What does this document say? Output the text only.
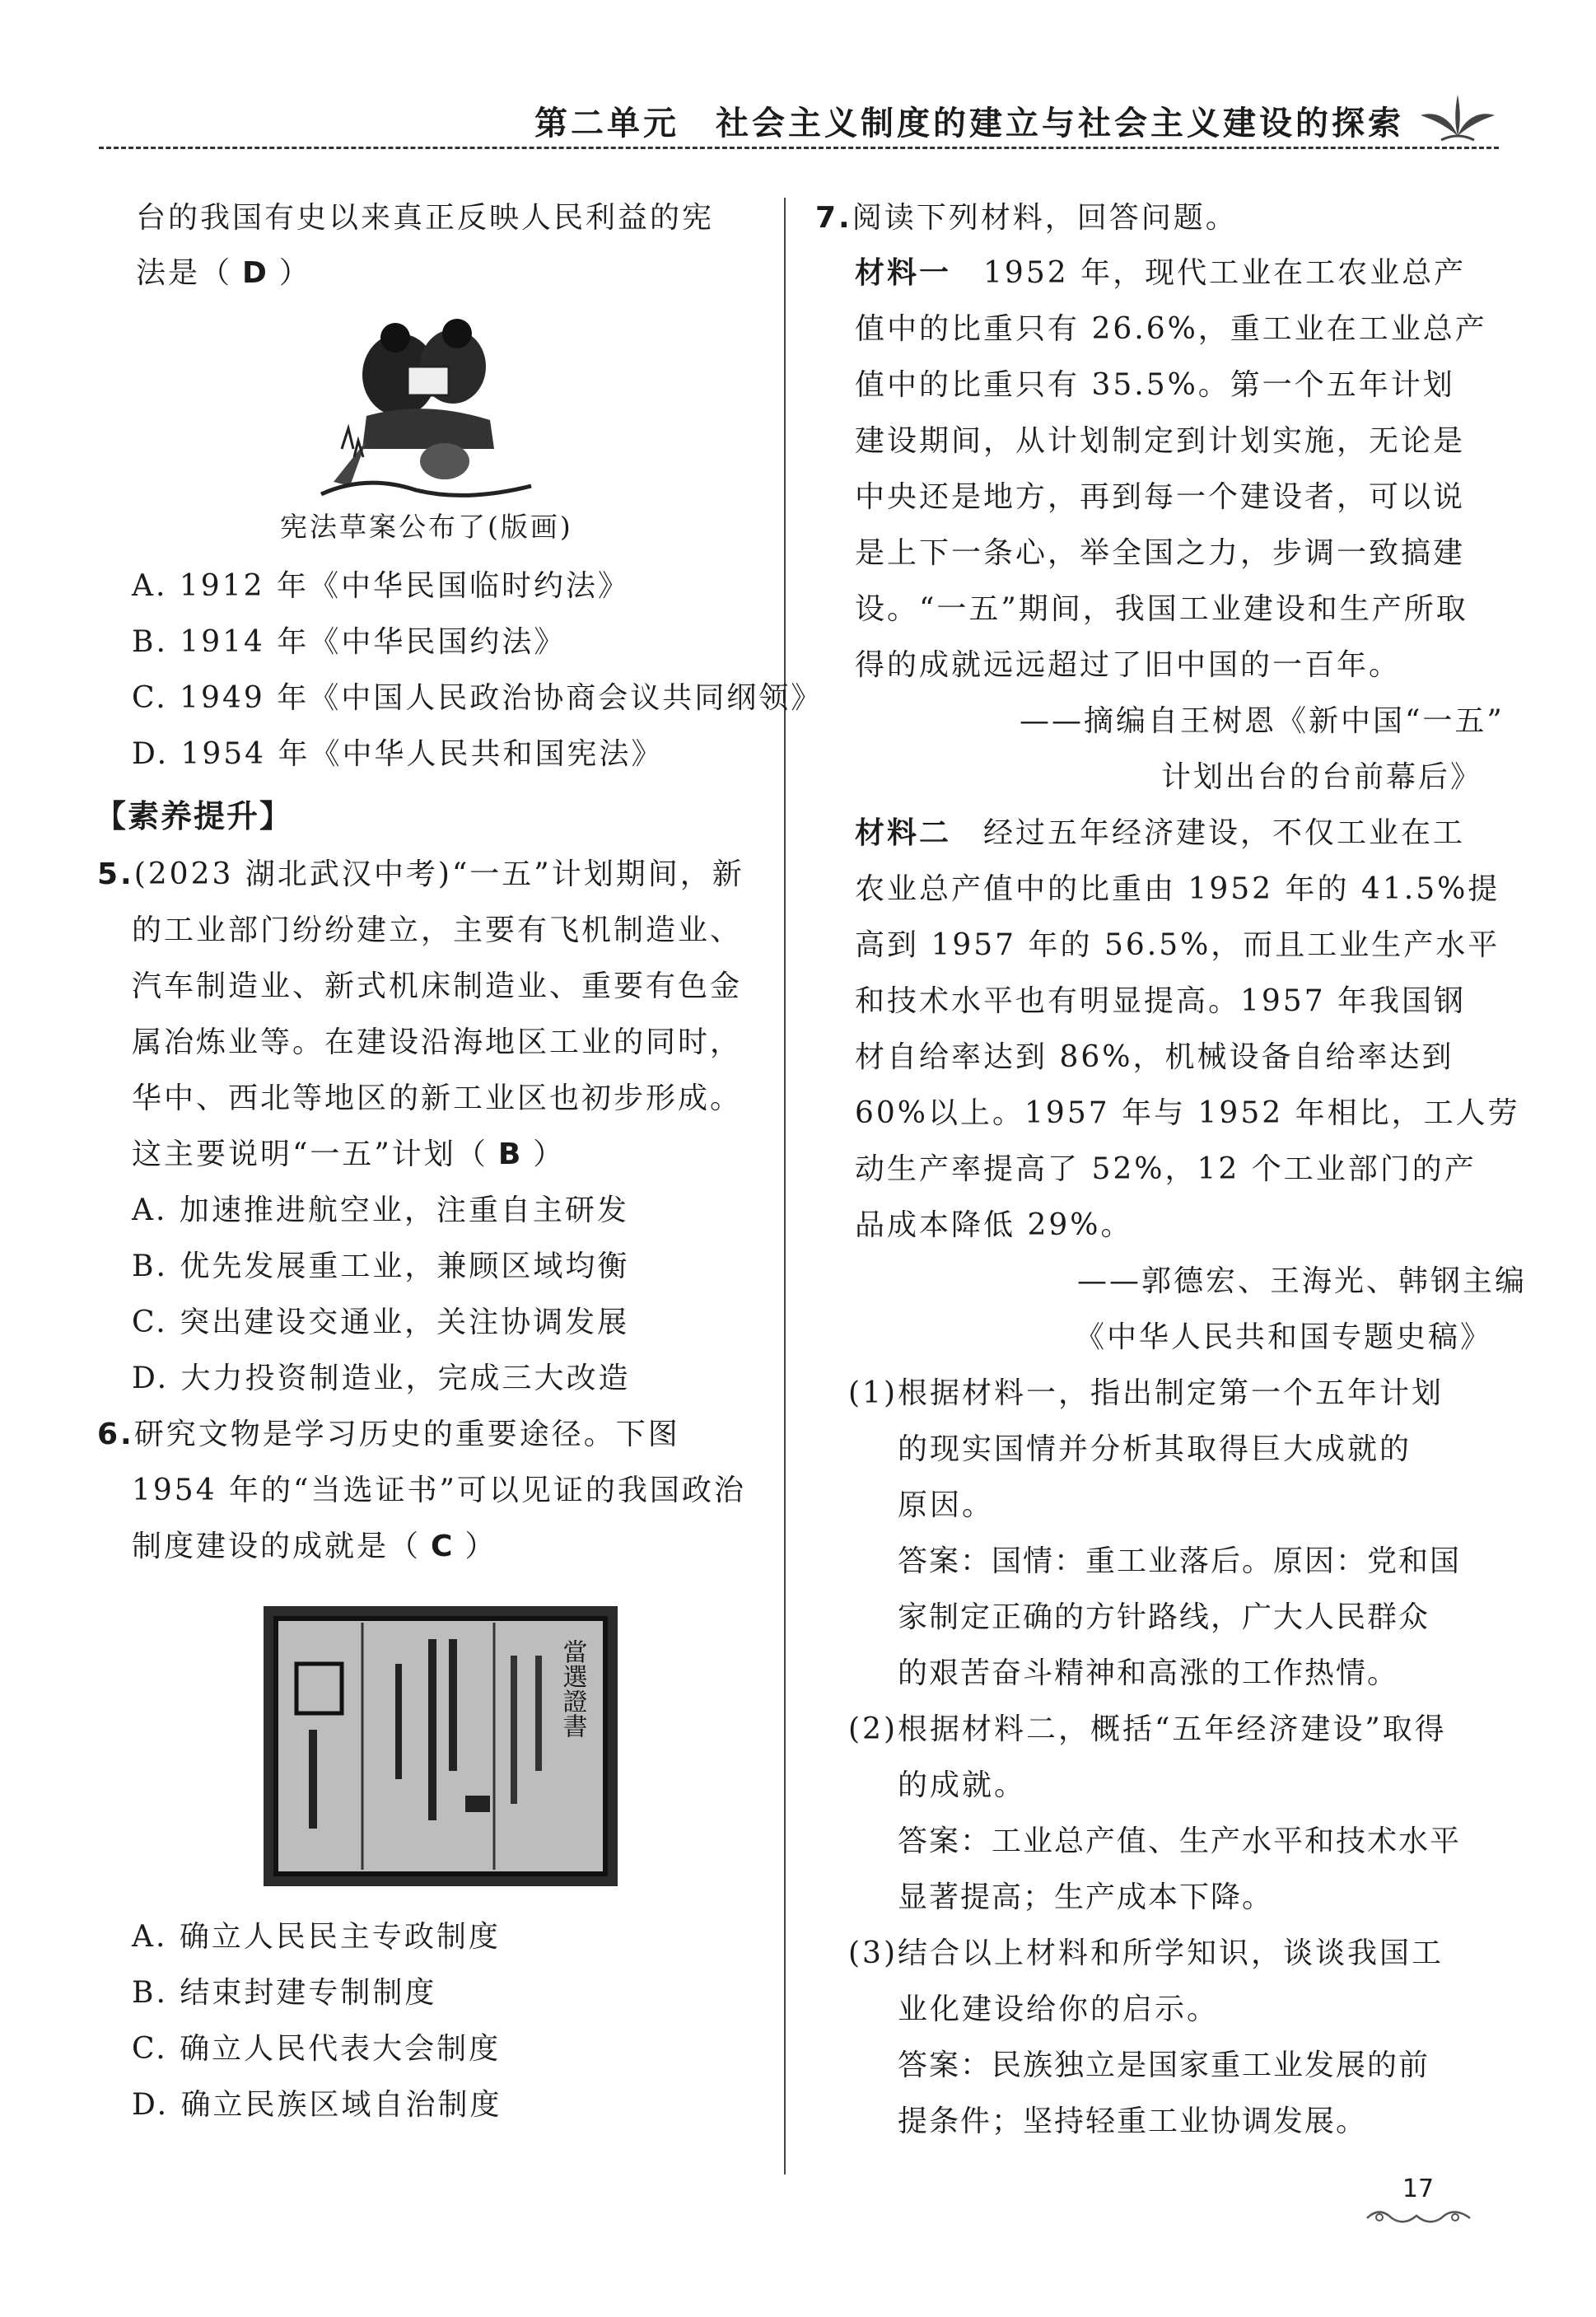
第二单元　社会主义制度的建立与社会主义建设的探索
台的我国有史以来真正反映人民利益的宪
法是（ D ）
宪法草案公布了(版画)
A. 1912 年《中华民国临时约法》
B. 1914 年《中华民国约法》
C. 1949 年《中国人民政治协商会议共同纲领》
D. 1954 年《中华人民共和国宪法》
【素养提升】
5.(2023 湖北武汉中考)“一五”计划期间，新
的工业部门纷纷建立，主要有飞机制造业、
汽车制造业、新式机床制造业、重要有色金
属冶炼业等。在建设沿海地区工业的同时，
华中、西北等地区的新工业区也初步形成。
这主要说明“一五”计划（ B ）
A. 加速推进航空业，注重自主研发
B. 优先发展重工业，兼顾区域均衡
C. 突出建设交通业，关注协调发展
D. 大力投资制造业，完成三大改造
6.研究文物是学习历史的重要途径。下图
1954 年的“当选证书”可以见证的我国政治
制度建设的成就是（ C ）
當選證書
A. 确立人民民主专政制度
B. 结束封建专制制度
C. 确立人民代表大会制度
D. 确立民族区域自治制度
7.阅读下列材料，回答问题。
材料一　1952 年，现代工业在工农业总产
值中的比重只有 26.6%，重工业在工业总产
值中的比重只有 35.5%。第一个五年计划
建设期间，从计划制定到计划实施，无论是
中央还是地方，再到每一个建设者，可以说
是上下一条心，举全国之力，步调一致搞建
设。“一五”期间，我国工业建设和生产所取
得的成就远远超过了旧中国的一百年。
——摘编自王树恩《新中国“一五”
计划出台的台前幕后》
材料二　经过五年经济建设，不仅工业在工
农业总产值中的比重由 1952 年的 41.5%提
高到 1957 年的 56.5%，而且工业生产水平
和技术水平也有明显提高。1957 年我国钢
材自给率达到 86%，机械设备自给率达到
60%以上。1957 年与 1952 年相比，工人劳
动生产率提高了 52%，12 个工业部门的产
品成本降低 29%。
——郭德宏、王海光、韩钢主编
《中华人民共和国专题史稿》
(1)根据材料一，指出制定第一个五年计划
的现实国情并分析其取得巨大成就的
原因。
答案：国情：重工业落后。原因：党和国
家制定正确的方针路线，广大人民群众
的艰苦奋斗精神和高涨的工作热情。
(2)根据材料二，概括“五年经济建设”取得
的成就。
答案：工业总产值、生产水平和技术水平
显著提高；生产成本下降。
(3)结合以上材料和所学知识，谈谈我国工
业化建设给你的启示。
答案：民族独立是国家重工业发展的前
提条件；坚持轻重工业协调发展。
17
